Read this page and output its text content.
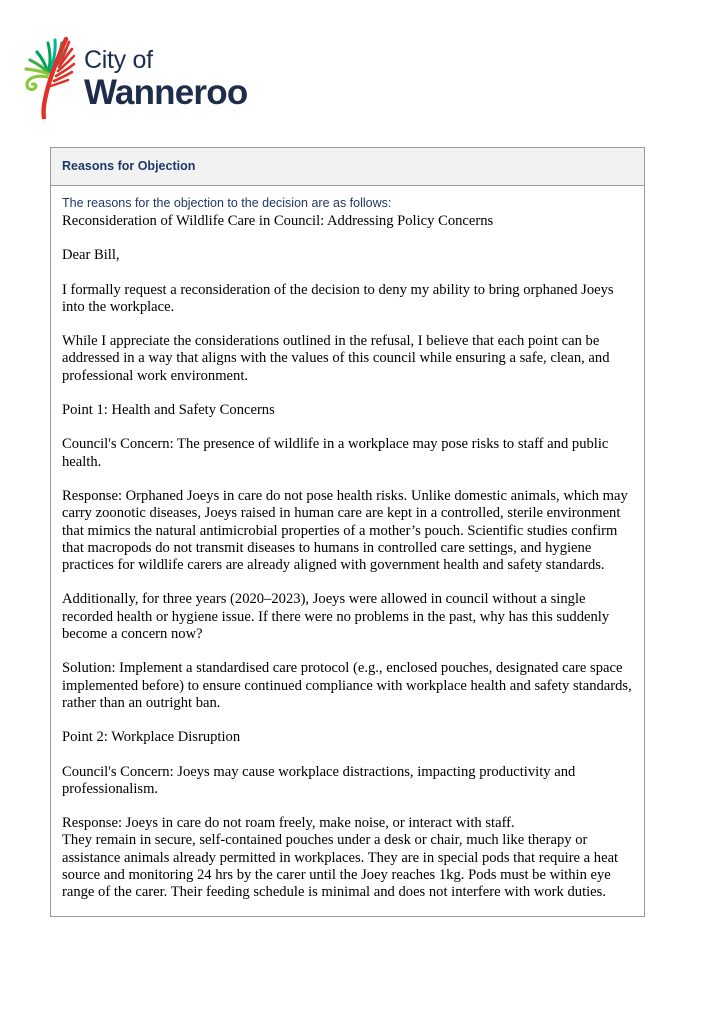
City of
Wanneroo
Reasons for Objection
The reasons for the objection to the decision are as follows:

Reconsideration of Wildlife Care in Council: Addressing Policy Concerns

Dear Bill,

I formally request a reconsideration of the decision to deny my ability to bring orphaned Joeys into the workplace.

While I appreciate the considerations outlined in the refusal, I believe that each point can be addressed in a way that aligns with the values of this council while ensuring a safe, clean, and professional work environment.

Point 1: Health and Safety Concerns

Council's Concern: The presence of wildlife in a workplace may pose risks to staff and public health.

Response: Orphaned Joeys in care do not pose health risks. Unlike domestic animals, which may carry zoonotic diseases, Joeys raised in human care are kept in a controlled, sterile environment that mimics the natural antimicrobial properties of a mother’s pouch. Scientific studies confirm that macropods do not transmit diseases to humans in controlled care settings, and hygiene practices for wildlife carers are already aligned with government health and safety standards.

Additionally, for three years (2020–2023), Joeys were allowed in council without a single recorded health or hygiene issue. If there were no problems in the past, why has this suddenly become a concern now?

Solution: Implement a standardised care protocol (e.g., enclosed pouches, designated care space implemented before) to ensure continued compliance with workplace health and safety standards, rather than an outright ban.

Point 2: Workplace Disruption

Council's Concern: Joeys may cause workplace distractions, impacting productivity and professionalism.

Response: Joeys in care do not roam freely, make noise, or interact with staff.

They remain in secure, self-contained pouches under a desk or chair, much like therapy or assistance animals already permitted in workplaces. They are in special pods that require a heat source and monitoring 24 hrs by the carer until the Joey reaches 1kg. Pods must be within eye range of the carer. Their feeding schedule is minimal and does not interfere with work duties.
